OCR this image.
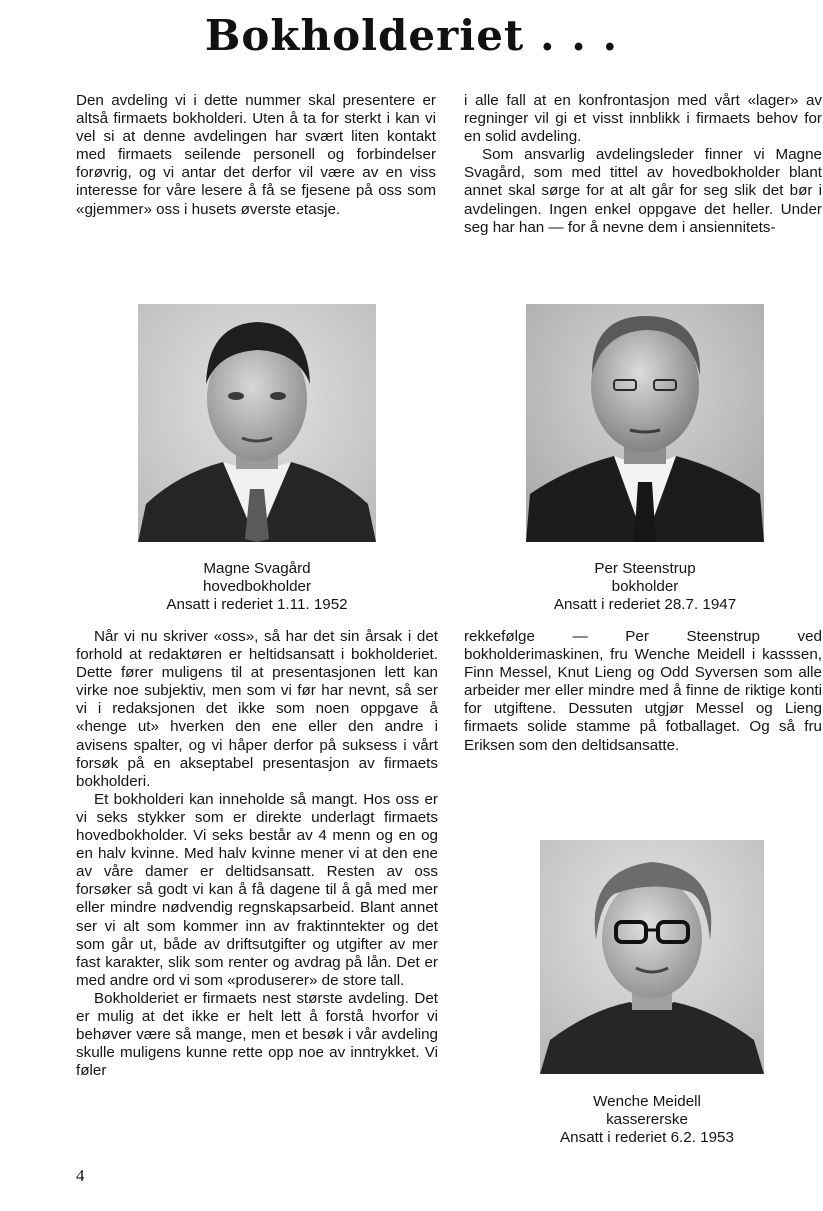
Bokholderiet . . .

Den avdeling vi i dette nummer skal presentere er altså firmaets bokholderi. Uten å ta for sterkt i kan vi vel si at denne avdelingen har svært liten kontakt med firmaets seilende personell og forbindelser forøvrig, og vi antar det derfor vil være av en viss interesse for våre lesere å få se fjesene på oss som «gjemmer» oss i husets øverste etasje.

i alle fall at en konfrontasjon med vårt «lager» av regninger vil gi et visst innblikk i firmaets behov for en solid avdeling.

Som ansvarlig avdelingsleder finner vi Magne Svagård, som med tittel av hovedbokholder blant annet skal sørge for at alt går for seg slik det bør i avdelingen. Ingen enkel oppgave det heller. Under seg har han — for å nevne dem i ansiennitets-

Magne Svagård
hovedbokholder
Ansatt i rederiet 1.11. 1952
Per Steenstrup
bokholder
Ansatt i rederiet 28.7. 1947

Når vi nu skriver «oss», så har det sin årsak i det forhold at redaktøren er heltidsansatt i bokholderiet. Dette fører muligens til at presentasjonen lett kan virke noe subjektiv, men som vi før har nevnt, så ser vi i redaksjonen det ikke som noen oppgave å «henge ut» hverken den ene eller den andre i avisens spalter, og vi håper derfor på suksess i vårt forsøk på en akseptabel presentasjon av firmaets bokholderi.

Et bokholderi kan inneholde så mangt. Hos oss er vi seks stykker som er direkte underlagt firmaets hovedbokholder. Vi seks består av 4 menn og en og en halv kvinne. Med halv kvinne mener vi at den ene av våre damer er deltidsansatt. Resten av oss forsøker så godt vi kan å få dagene til å gå med mer eller mindre nødvendig regnskapsarbeid. Blant annet ser vi alt som kommer inn av fraktinntekter og det som går ut, både av driftsutgifter og utgifter av mer fast karakter, slik som renter og avdrag på lån. Det er med andre ord vi som «produserer» de store tall.

Bokholderiet er firmaets nest største avdeling. Det er mulig at det ikke er helt lett å forstå hvorfor vi behøver være så mange, men et besøk i vår avdeling skulle muligens kunne rette opp noe av inntrykket. Vi føler

rekkefølge — Per Steenstrup ved bokholderimaskinen, fru Wenche Meidell i kasssen, Finn Messel, Knut Lieng og Odd Syversen som alle arbeider mer eller mindre med å finne de riktige konti for utgiftene. Dessuten utgjør Messel og Lieng firmaets solide stamme på fotballaget. Og så fru Eriksen som den deltidsansatte.

Wenche Meidell
kassererske
Ansatt i rederiet 6.2. 1953
4
